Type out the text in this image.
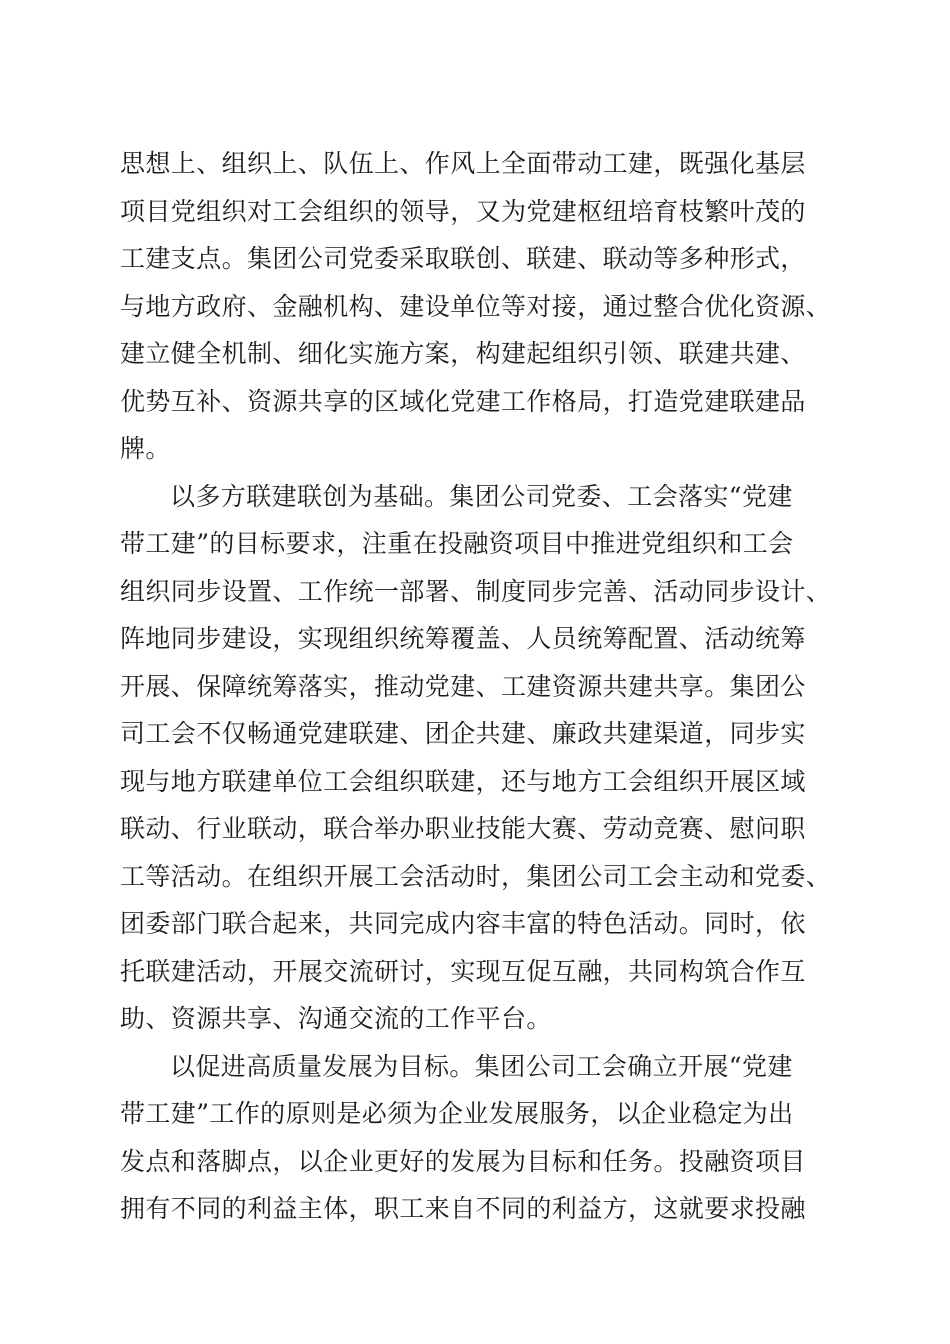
思想上、组织上、队伍上、作风上全面带动工建，既强化基层
项目党组织对工会组织的领导，又为党建枢纽培育枝繁叶茂的
工建支点。集团公司党委采取联创、联建、联动等多种形式，
与地方政府、金融机构、建设单位等对接，通过整合优化资源、
建立健全机制、细化实施方案，构建起组织引领、联建共建、
优势互补、资源共享的区域化党建工作格局，打造党建联建品
牌。
以多方联建联创为基础。集团公司党委、工会落实“党建
带工建”的目标要求，注重在投融资项目中推进党组织和工会
组织同步设置、工作统一部署、制度同步完善、活动同步设计、
阵地同步建设，实现组织统筹覆盖、人员统筹配置、活动统筹
开展、保障统筹落实，推动党建、工建资源共建共享。集团公
司工会不仅畅通党建联建、团企共建、廉政共建渠道，同步实
现与地方联建单位工会组织联建，还与地方工会组织开展区域
联动、行业联动，联合举办职业技能大赛、劳动竞赛、慰问职
工等活动。在组织开展工会活动时，集团公司工会主动和党委、
团委部门联合起来，共同完成内容丰富的特色活动。同时，依
托联建活动，开展交流研讨，实现互促互融，共同构筑合作互
助、资源共享、沟通交流的工作平台。
以促进高质量发展为目标。集团公司工会确立开展“党建
带工建”工作的原则是必须为企业发展服务，以企业稳定为出
发点和落脚点，以企业更好的发展为目标和任务。投融资项目
拥有不同的利益主体，职工来自不同的利益方，这就要求投融
